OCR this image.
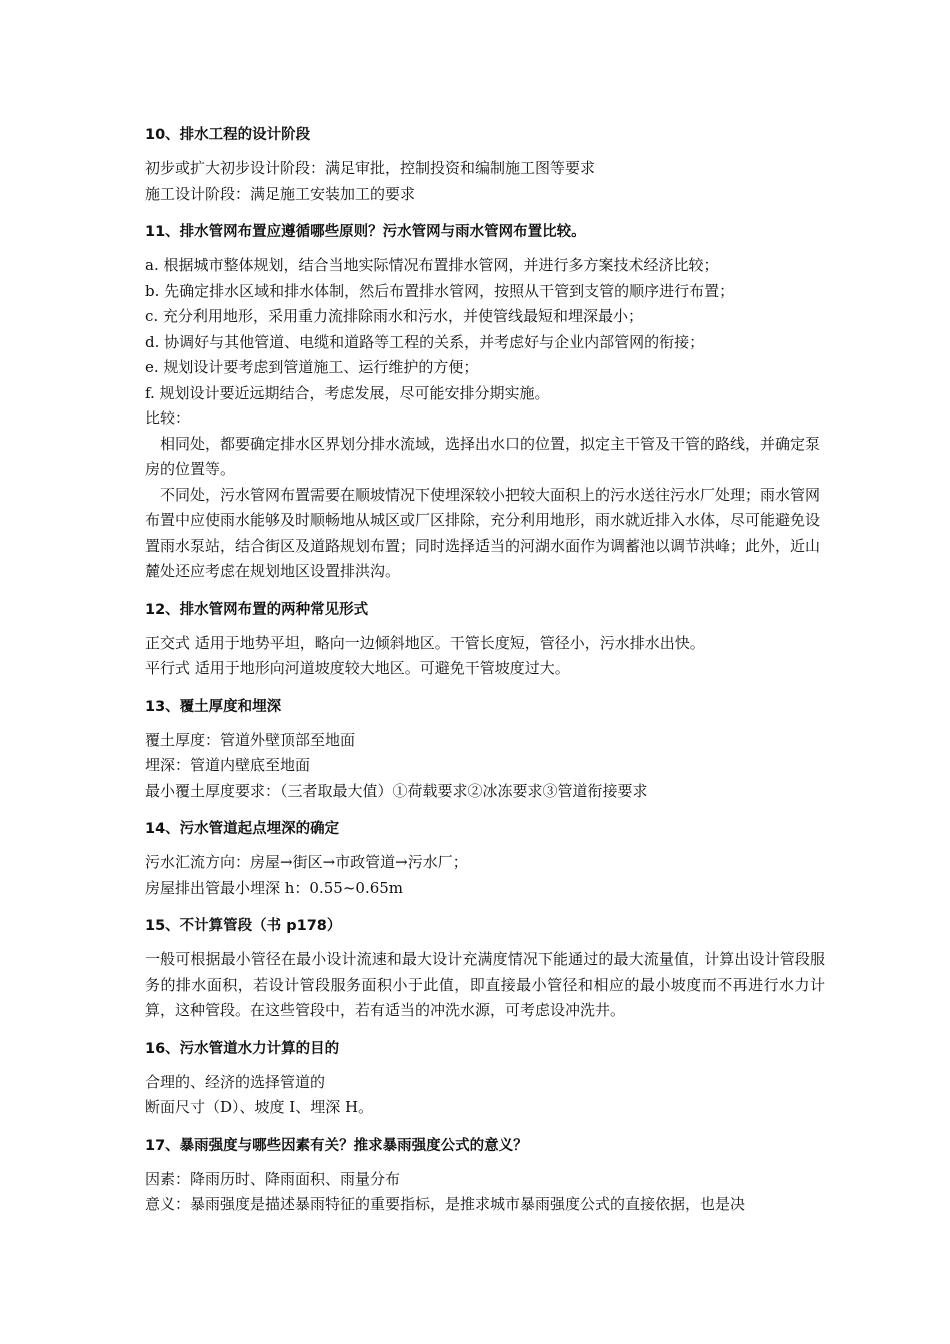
10、排水工程的设计阶段
初步或扩大初步设计阶段：满足审批，控制投资和编制施工图等要求
施工设计阶段：满足施工安装加工的要求
11、排水管网布置应遵循哪些原则？污水管网与雨水管网布置比较。
a. 根据城市整体规划，结合当地实际情况布置排水管网，并进行多方案技术经济比较；
b. 先确定排水区域和排水体制，然后布置排水管网，按照从干管到支管的顺序进行布置；
c. 充分利用地形，采用重力流排除雨水和污水，并使管线最短和埋深最小；
d. 协调好与其他管道、电缆和道路等工程的关系，并考虑好与企业内部管网的衔接；
e. 规划设计要考虑到管道施工、运行维护的方便；
f. 规划设计要近远期结合，考虑发展，尽可能安排分期实施。
比较：
相同处，都要确定排水区界划分排水流域，选择出水口的位置，拟定主干管及干管的路线，并确定泵房的位置等。
不同处，污水管网布置需要在顺坡情况下使埋深较小把较大面积上的污水送往污水厂处理；雨水管网布置中应使雨水能够及时顺畅地从城区或厂区排除，充分利用地形，雨水就近排入水体，尽可能避免设置雨水泵站，结合街区及道路规划布置；同时选择适当的河湖水面作为调蓄池以调节洪峰；此外，近山麓处还应考虑在规划地区设置排洪沟。
12、排水管网布置的两种常见形式
正交式 适用于地势平坦，略向一边倾斜地区。干管长度短，管径小，污水排水出快。
平行式 适用于地形向河道坡度较大地区。可避免干管坡度过大。
13、覆土厚度和埋深
覆土厚度：管道外壁顶部至地面
埋深：管道内壁底至地面
最小覆土厚度要求：（三者取最大值）①荷载要求②冰冻要求③管道衔接要求
14、污水管道起点埋深的确定
污水汇流方向：房屋→街区→市政管道→污水厂；
房屋排出管最小埋深 h：0.55~0.65m
15、不计算管段（书 p178）
一般可根据最小管径在最小设计流速和最大设计充满度情况下能通过的最大流量值，计算出设计管段服务的排水面积，若设计管段服务面积小于此值，即直接最小管径和相应的最小坡度而不再进行水力计算，这种管段。在这些管段中，若有适当的冲洗水源，可考虑设冲洗井。
16、污水管道水力计算的目的
合理的、经济的选择管道的
断面尺寸（D）、坡度 I、埋深 H。
17、暴雨强度与哪些因素有关？推求暴雨强度公式的意义？
因素：降雨历时、降雨面积、雨量分布
意义：暴雨强度是描述暴雨特征的重要指标，是推求城市暴雨强度公式的直接依据，也是决
